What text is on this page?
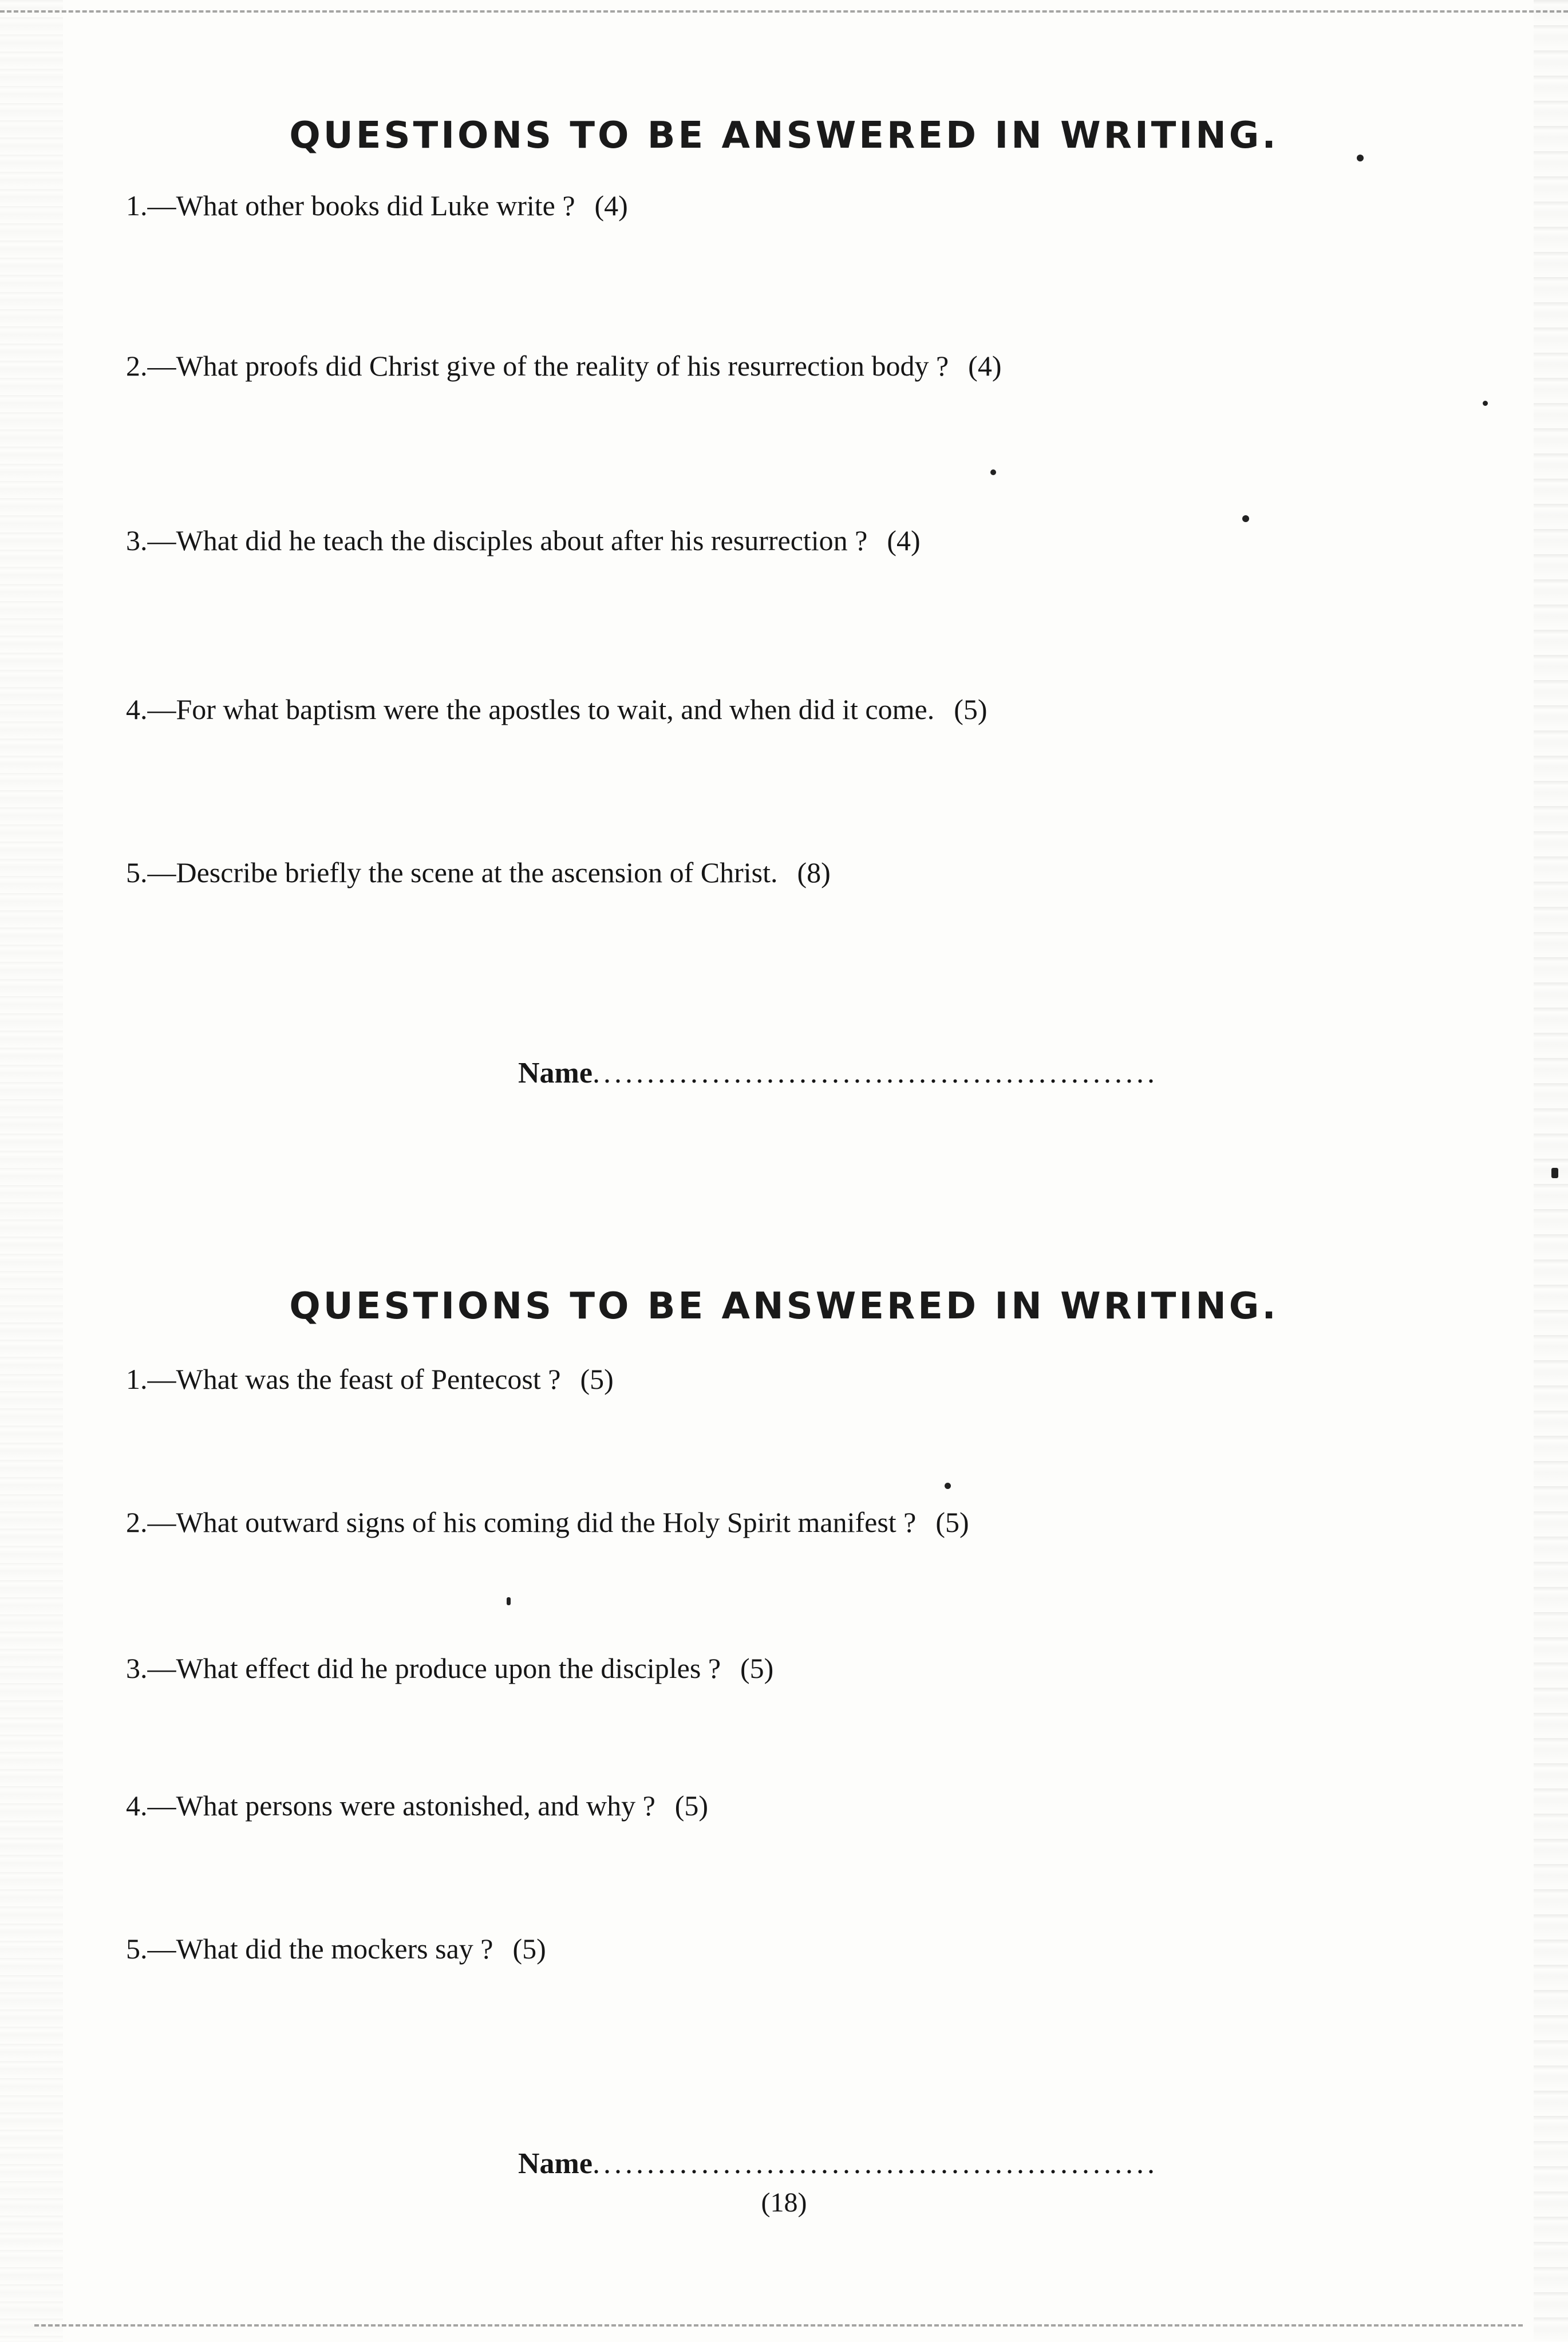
QUESTIONS TO BE ANSWERED IN WRITING.
1.—What other books did Luke write ? (4)
2.—What proofs did Christ give of the reality of his resurrection body ? (4)
3.—What did he teach the disciples about after his resurrection ? (4)
4.—For what baptism were the apostles to wait, and when did it come. (5)
5.—Describe briefly the scene at the ascension of Christ. (8)
Name....................................................
QUESTIONS TO BE ANSWERED IN WRITING.
1.—What was the feast of Pentecost ? (5)
2.—What outward signs of his coming did the Holy Spirit manifest ? (5)
3.—What effect did he produce upon the disciples ? (5)
4.—What persons were astonished, and why ? (5)
5.—What did the mockers say ? (5)
Name....................................................
(18)
